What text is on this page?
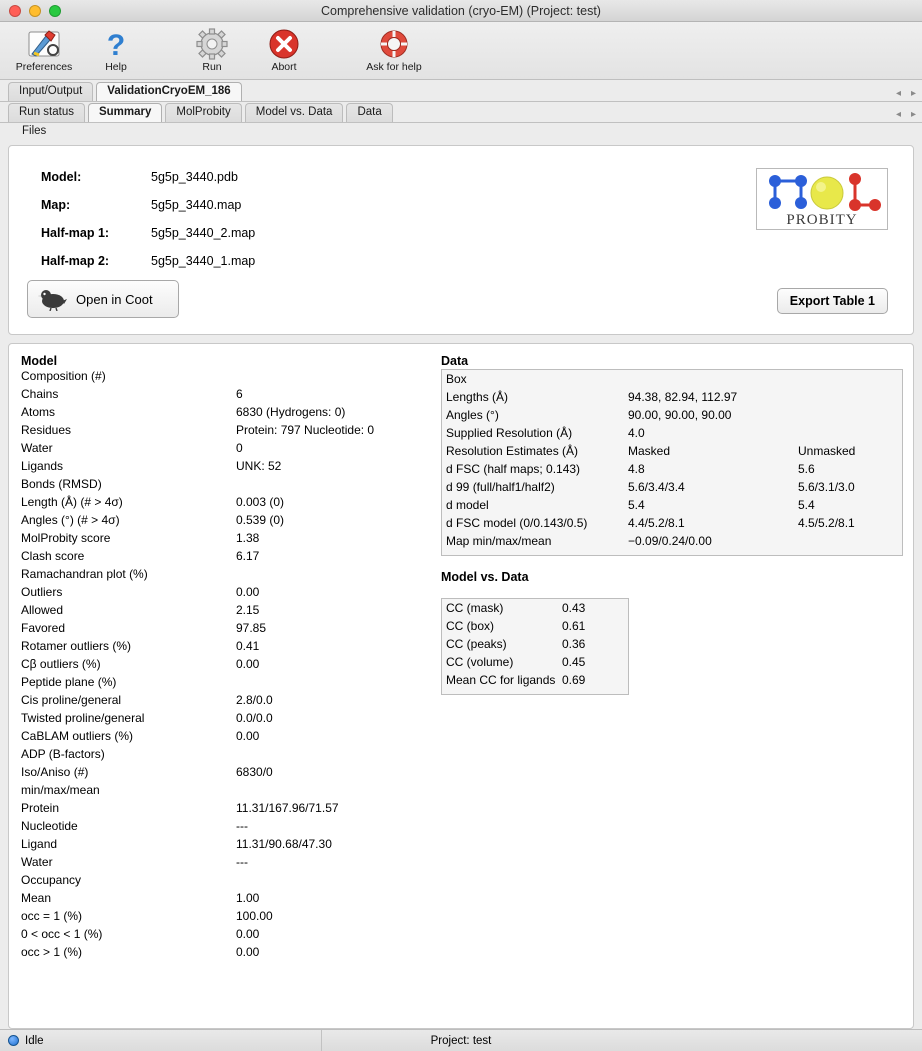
Comprehensive validation (cryo-EM) (Project: test)
Preferences
?
Help	Run	Abort	Ask for help
Input/Output	ValidationCryoEM_186	◂ ▸
Run status	Summary	MolProbity	Model vs. Data	Data	◂ ▸
Files
Model:	5g5p_3440.pdb
Map:	5g5p_3440.map
Half-map 1:	5g5p_3440_2.map
Half-map 2:	5g5p_3440_1.map
PROBITY
Open in Coot	Export Table 1
Model
Composition (#)	
Chains	6
Atoms	6830 (Hydrogens: 0)
Residues	Protein: 797 Nucleotide: 0
Water	0
Ligands	UNK: 52
Bonds (RMSD)	
Length (Å) (# > 4σ)	0.003 (0)
Angles (°) (# > 4σ)	0.539 (0)
MolProbity score	1.38
Clash score	6.17
Ramachandran plot (%)	
Outliers	0.00
Allowed	2.15
Favored	97.85
Rotamer outliers (%)	0.41
Cβ outliers (%)	0.00
Peptide plane (%)	
Cis proline/general	2.8/0.0
Twisted proline/general	0.0/0.0
CaBLAM outliers (%)	0.00
ADP (B-factors)	
Iso/Aniso (#)	6830/0
min/max/mean	
Protein	11.31/167.96/71.57
Nucleotide	---
Ligand	11.31/90.68/47.30
Water	---
Occupancy	
Mean	1.00
occ = 1 (%)	100.00
0 < occ < 1 (%)	0.00
occ > 1 (%)	0.00
Data
Box		
Lengths (Å)	94.38, 82.94, 112.97	
Angles (°)	90.00, 90.00, 90.00	
Supplied Resolution (Å)	4.0	
Resolution Estimates (Å)	Masked	Unmasked
d FSC (half maps; 0.143)	4.8	5.6
d 99 (full/half1/half2)	5.6/3.4/3.4	5.6/3.1/3.0
d model	5.4	5.4
d FSC model (0/0.143/0.5)	4.4/5.2/8.1	4.5/5.2/8.1
Map min/max/mean	−0.09/0.24/0.00	
Model vs. Data
CC (mask)	0.43
CC (box)	0.61
CC (peaks)	0.36
CC (volume)	0.45
Mean CC for ligands	0.69
Idle	Project: test
